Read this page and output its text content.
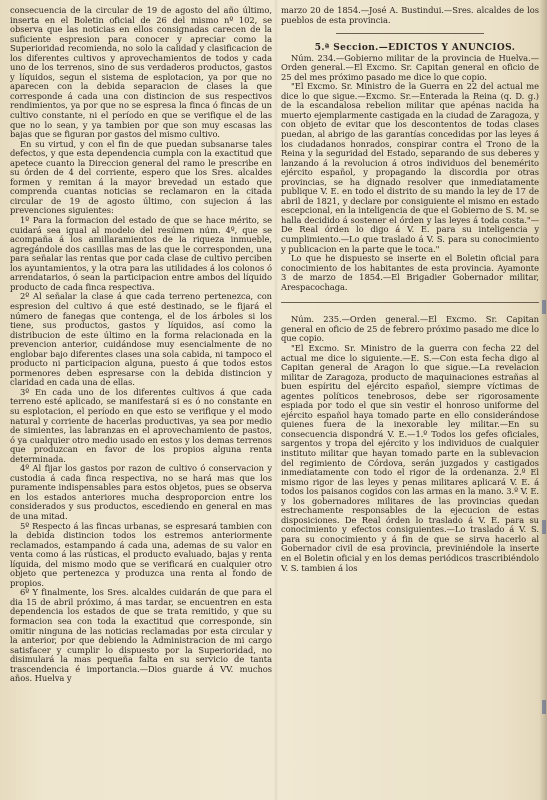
consecuencia de la circular de 19 de agosto del año último, inserta en el Boletin oficial de 26 del mismo nº 102, se observa que las noticias en ellos consignadas carecen de la suficiente espresion para conocer y apreciar como la Superioridad recomienda, no solo la calidad y clasificacion de los diferentes cultivos y aprovechamientos de todos y cada uno de los terrenos, sino de sus verdaderos productos, gastos y líquidos, segun el sistema de esplotacion, ya por que no aparecen con la debida separacion de clases la que corresponde á cada una con distincion de sus respectivos rendimientos, ya por que no se espresa la finca ó fincas de un cultivo constante, ni el período en que se verifique el de las que no lo sean, y ya tambien por que son muy escasas las bajas que se figuran por gastos del mismo cultivo.

En su virtud, y con el fin de que puedan subsanarse tales defectos, y que esta dependencia cumpla con la exactitud que apetece cuanto la Direccion general del ramo le prescribe en su órden de 4 del corriente, espero que los Sres. alcaldes formen y remitan á la mayor brevedad un estado que comprenda cuantas noticias se reclamaron en la citada circular de 19 de agosto último, con sujecion á las prevenciones siguientes:

1º Para la formacion del estado de que se hace mérito, se cuidará sea igual al modelo del resúmen núm. 4º, que se acompaña á los amillaramientos de la riqueza inmueble, agregándole dos casillas mas de las que le corresponden, una para señalar las rentas que por cada clase de cultivo perciben los ayuntamientos, y la otra para las utilidades á los colonos ó arrendatarios, ó sean la participacion entre ambos del líquido producto de cada finca respectiva.

2º Al señalar la clase á que cada terreno pertenezca, con espresion del cultivo á que esté destinado, se le fijará el número de fanegas que contenga, el de los árboles si los tiene, sus productos, gastos y líquidos, así como la distribucion de este último en la forma relacionada en la prevencion anterior, cuidándose muy esencialmente de no englobar bajo diferentes clases una sola cabida, ni tampoco el producto ni participacion alguna, puesto á que todos estos pormenores deben espresarse con la debida distincion y claridad en cada una de ellas.

3º En cada uno de los diferentes cultivos á que cada terreno esté aplicado, se manifestará si es ó no constante en su esplotacion, el período en que esto se verifique y el modo natural y corriente de hacerlas productivas, ya sea por medio de simientes, las labranzas en el aprovechamiento de pastos, ó ya cualquier otro medio usado en estos y los demas terrenos que produzcan en favor de los propios alguna renta determinada.

4º Al fijar los gastos por razon de cultivo ó conservacion y custodia á cada finca respectiva, no se hará mas que los puramente indispensables para estos objetos, pues se observa en los estados anteriores mucha desproporcion entre los considerados y sus productos, escediendo en general en mas de una mitad.

5º Respecto á las fincas urbanas, se espresará tambien con la debida distincion todos los estremos anteriormente reclamados, estampando á cada una, ademas de su valor en venta como á las rústicas, el producto evaluado, bajas y renta líquida, del mismo modo que se verificará en cualquier otro objeto que pertenezca y produzca una renta al fondo de propios.

6º Y finalmente, los Sres. alcaldes cuidarán de que para el dia 15 de abril próximo, á mas tardar, se encuentren en esta dependencia los estados de que se trata remitido, y que su formacion sea con toda la exactitud que corresponde, sin omitir ninguna de las noticias reclamadas por esta circular y la anterior, por que debiendo la Administracion de mi cargo satisfacer y cumplir lo dispuesto por la Superioridad, no disimulará la mas pequeña falta en su servicio de tanta trascendencia é importancia.—Dios guarde á VV. muchos años. Huelva y

marzo 20 de 1854.—José A. Bustindui.—Sres. alcaldes de los pueblos de esta provincia.

5.ª Seccion.—EDICTOS Y ANUNCIOS.

Núm. 234.—Gobierno militar de la provincia de Huelva.—Orden general.—El Excmo. Sr. Capitan general en oficio de 25 del mes próximo pasado me dice lo que copio.

"El Excmo. Sr. Ministro de la Guerra en 22 del actual me dice lo que sigue.—Excmo. Sr.—Enterada la Reina (q. D. g.) de la escandalosa rebelion militar que apénas nacida ha muerto ejemplarmente castigada en la ciudad de Zaragoza, y con objeto de evitar que los descontentos de todas clases puedan, al abrigo de las garantías concedidas por las leyes á los ciudadanos honrados, conspirar contra el Trono de la Reina y la seguridad del Estado, separando de sus deberes y lanzando á la revolucion á otros individuos del benemérito ejército español, y propagando la discordia por otras provincias, se ha dignado resolver que inmediatamente publique V. E. en todo el distrito de su mando la ley de 17 de abril de 1821, y declare por consiguiente el mismo en estado escepcional, en la inteligencia de que el Gobierno de S. M. se halla decidido á sostener el órden y las leyes á toda costa."—De Real órden lo digo á V. E. para su inteligencia y cumplimiento.—Lo que traslado á V. S. para su conocimiento y publicacion en la parte que le toca."

Lo que he dispuesto se inserte en el Boletin oficial para conocimiento de los habitantes de esta provincia. Ayamonte 3 de marzo de 1854.—El Brigadier Gobernador militar, Arespacochaga.

Núm. 235.—Orden general.—El Excmo. Sr. Capitan general en oficio de 25 de febrero próximo pasado me dice lo que copio.

"El Excmo. Sr. Ministro de la guerra con fecha 22 del actual me dice lo siguiente.—E. S.—Con esta fecha digo al Capitan general de Aragon lo que sigue.—La revelacion militar de Zaragoza, producto de maquinaciones estrañas al buen espíritu del ejército español, siempre víctimas de agentes políticos tenebrosos, debe ser rigorosamente espiada por todo el que sin vestir el honroso uniforme del ejército español haya tomado parte en ello considerándose quienes fuera de la inexorable ley militar.—En su consecuencia dispondrá V. E.—1.º Todos los gefes oficiales, sargentos y tropa del ejército y los individuos de cualquier instituto militar que hayan tomado parte en la sublevacion del regimiento de Córdova, serán juzgados y castigados inmediatamente con todo el rigor de la ordenanza. 2.º El mismo rigor de las leyes y penas militares aplicará V. E. á todos los paisanos cogidos con las armas en la mano. 3.º V. E. y los gobernadores militares de las provincias quedan estrechamente responsables de la ejecucion de estas disposiciones. De Real órden lo traslado á V. E. para su conocimiento y efectos consiguientes.—Lo traslado á V. S. para su conocimiento y á fin de que se sirva hacerlo al Gobernador civil de esa provincia, previniéndole la inserte en el Boletin oficial y en los demas periódicos trascribiéndolo V. S. tambien á los
